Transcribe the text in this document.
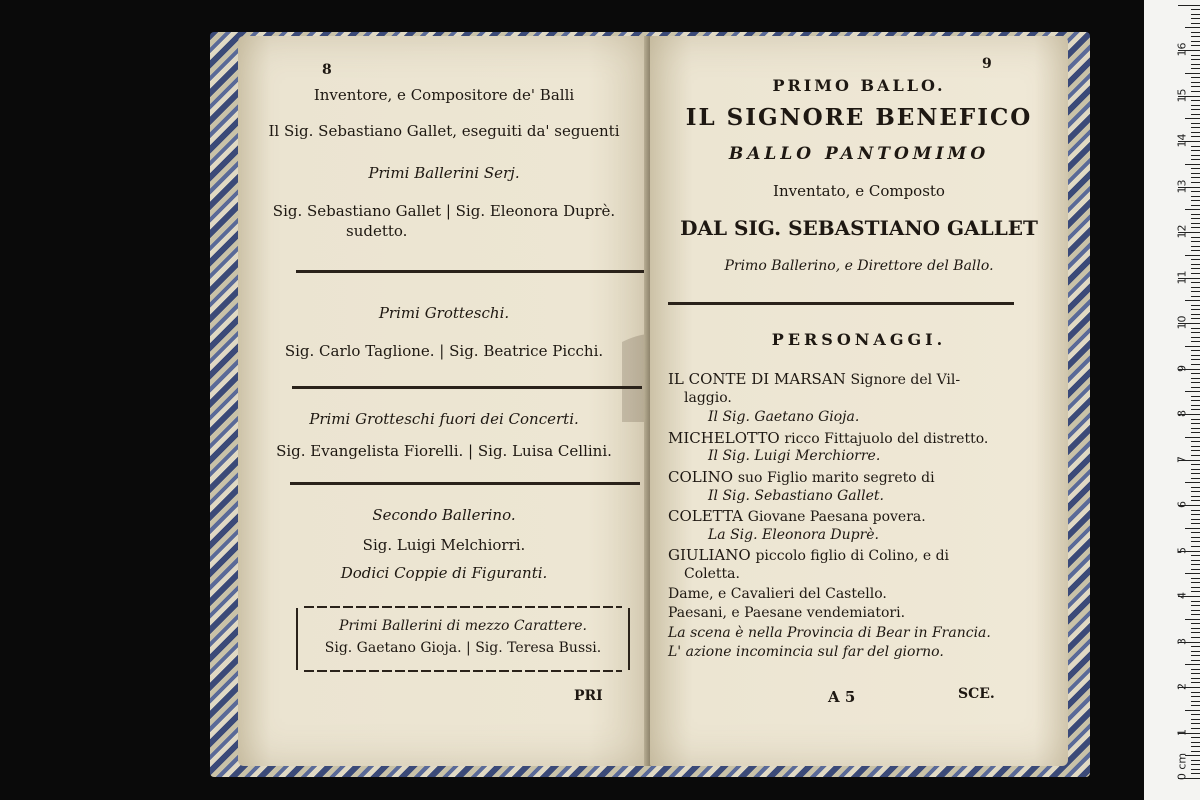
8
Inventore, e Compositore de' Balli
Il Sig. Sebastiano Gallet, eseguiti da' seguenti
Primi Ballerini Serj.
Sig. Sebastiano Gallet | Sig. Eleonora Duprè.
sudetto.
Primi Grotteschi.
Sig. Carlo Taglione. | Sig. Beatrice Picchi.
Primi Grotteschi fuori dei Concerti.
Sig. Evangelista Fiorelli. | Sig. Luisa Cellini.
Secondo Ballerino.
Sig. Luigi Melchiorri.
Dodici Coppie di Figuranti.
Primi Ballerini di mezzo Carattere.
Sig. Gaetano Gioja. | Sig. Teresa Bussi.
PRI
9
PRIMO BALLO.
IL SIGNORE BENEFICO
BALLO PANTOMIMO
Inventato, e Composto
DAL SIG. SEBASTIANO GALLET
Primo Ballerino, e Direttore del Ballo.
PERSONAGGI.
IL CONTE DI MARSAN Signore del Vil-
laggio.
Il Sig. Gaetano Gioja.
MICHELOTTO ricco Fittajuolo del distretto.
Il Sig. Luigi Merchiorre.
COLINO suo Figlio marito segreto di
Il Sig. Sebastiano Gallet.
COLETTA Giovane Paesana povera.
La Sig. Eleonora Duprè.
GIULIANO piccolo figlio di Colino, e di
Coletta.
Dame, e Cavalieri del Castello.
Paesani, e Paesane vendemiatori.
La scena è nella Provincia di Bear in Francia.
L' azione incomincia sul far del giorno.
A 5	SCE.
1
2
3
4
5
6
7
8
9
10
11
12
13
14
15
16
0 cm
